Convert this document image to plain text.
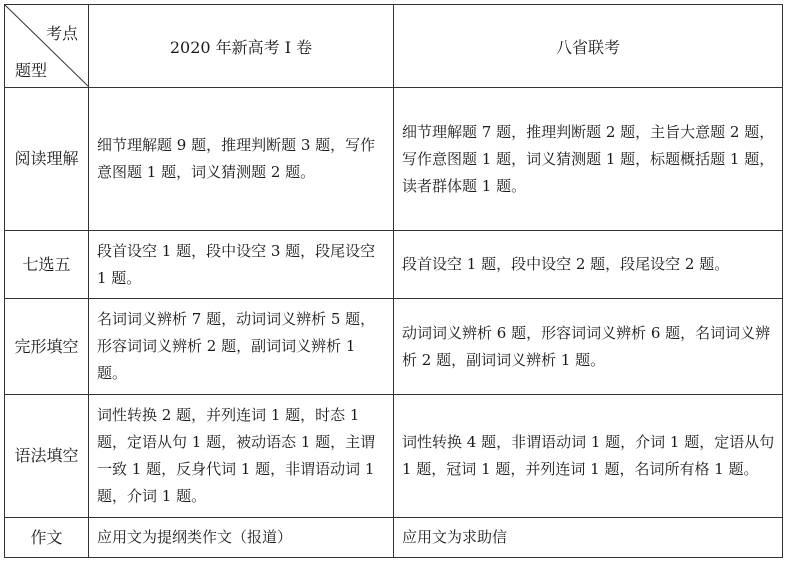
考点
题型	2020 年新高考 I 卷	八省联考
阅读理解	细节理解题 9 题，推理判断题 3 题，写作意图题 1 题，词义猜测题 2 题。	细节理解题 7 题，推理判断题 2 题，主旨大意题 2 题，写作意图题 1 题，词义猜测题 1 题，标题概括题 1 题，读者群体题 1 题。
七选五	段首设空 1 题，段中设空 3 题，段尾设空 1 题。	段首设空 1 题，段中设空 2 题，段尾设空 2 题。
完形填空	名词词义辨析 7 题，动词词义辨析 5 题，形容词词义辨析 2 题，副词词义辨析 1 题。	动词词义辨析 6 题，形容词词义辨析 6 题，名词词义辨析 2 题，副词词义辨析 1 题。
语法填空	词性转换 2 题，并列连词 1 题，时态 1 题，定语从句 1 题，被动语态 1 题，主谓一致 1 题，反身代词 1 题，非谓语动词 1 题，介词 1 题。	词性转换 4 题，非谓语动词 1 题，介词 1 题，定语从句 1 题，冠词 1 题，并列连词 1 题，名词所有格 1 题。
作文	应用文为提纲类作文（报道）	应用文为求助信
